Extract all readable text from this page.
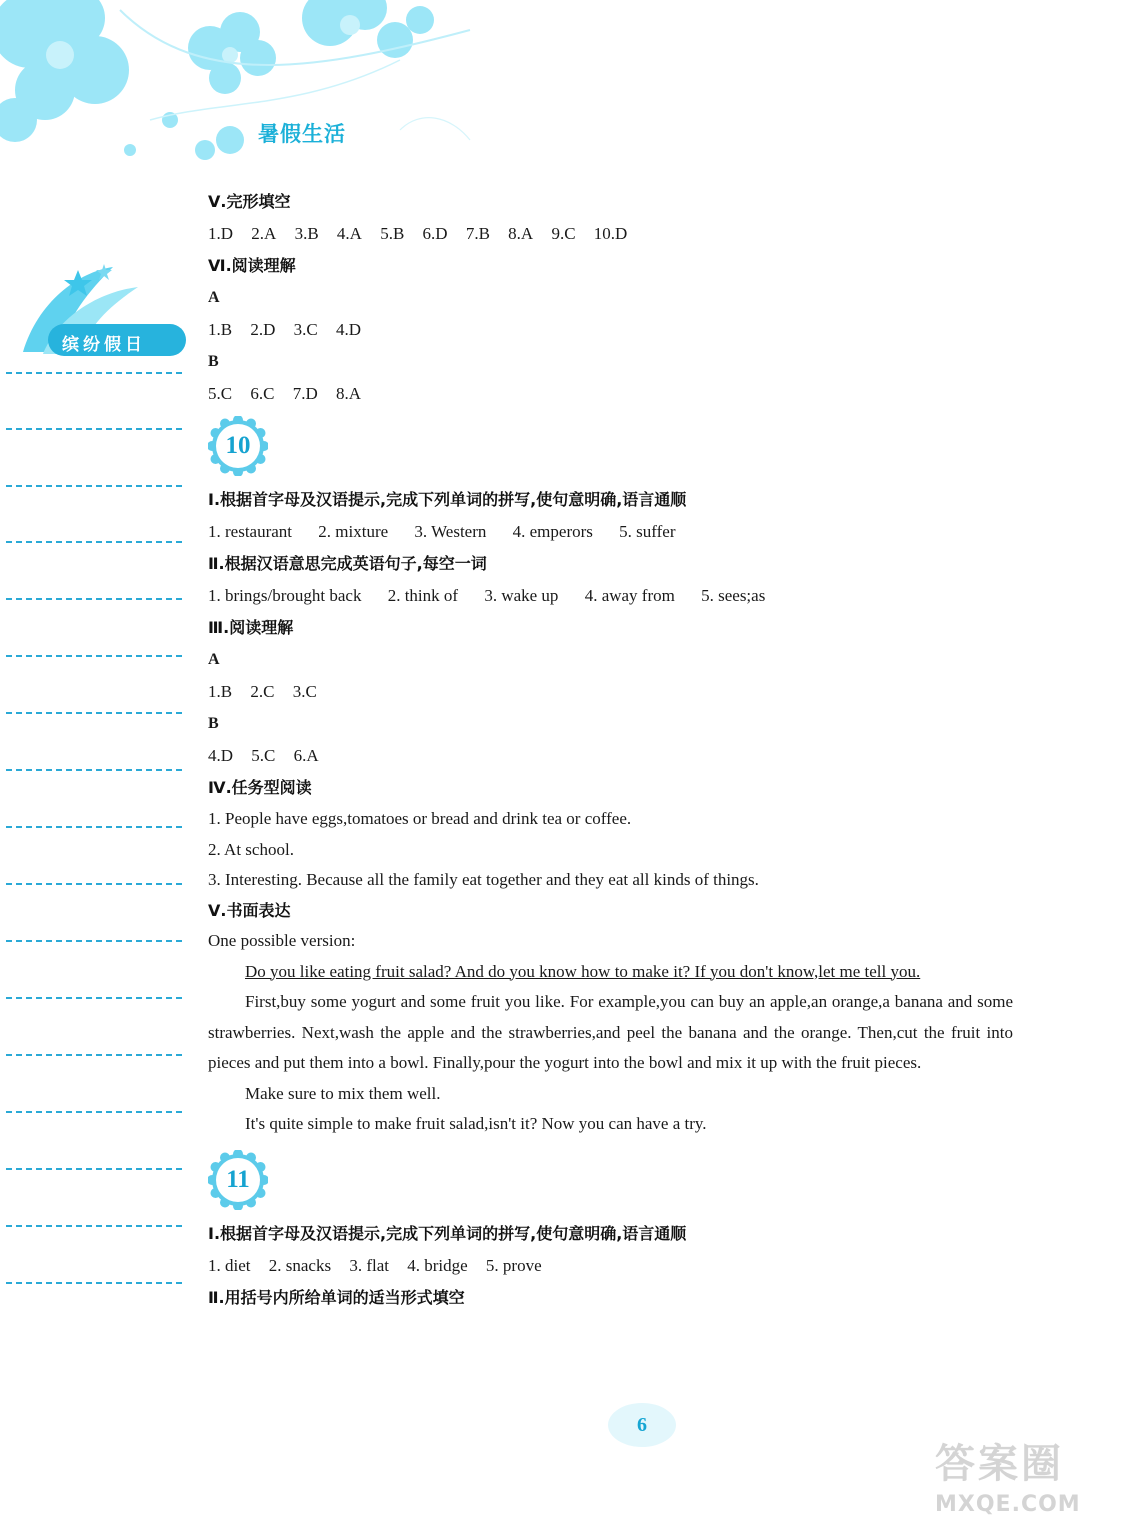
暑假生活
缤纷假日
Ⅴ.完形填空
1.D 2.A 3.B 4.A 5.B 6.D 7.B 8.A 9.C 10.D
Ⅵ.阅读理解
A
1.B 2.D 3.C 4.D
B
5.C 6.C 7.D 8.A
10
Ⅰ.根据首字母及汉语提示,完成下列单词的拼写,使句意明确,语言通顺
1. restaurant 2. mixture 3. Western 4. emperors 5. suffer
Ⅱ.根据汉语意思完成英语句子,每空一词
1. brings/brought back 2. think of 3. wake up 4. away from 5. sees;as
Ⅲ.阅读理解
A
1.B 2.C 3.C
B
4.D 5.C 6.A
Ⅳ.任务型阅读
1. People have eggs,tomatoes or bread and drink tea or coffee.
2. At school.
3. Interesting. Because all the family eat together and they eat all kinds of things.
Ⅴ.书面表达
One possible version:
Do you like eating fruit salad? And do you know how to make it? If you don't know,let me tell you.
First,buy some yogurt and some fruit you like. For example,you can buy an apple,an orange,a banana and some strawberries. Next,wash the apple and the strawberries,and peel the banana and the orange. Then,cut the fruit into pieces and put them into a bowl. Finally,pour the yogurt into the bowl and mix it up with the fruit pieces.
Make sure to mix them well.
It's quite simple to make fruit salad,isn't it? Now you can have a try.
11
Ⅰ.根据首字母及汉语提示,完成下列单词的拼写,使句意明确,语言通顺
1. diet 2. snacks 3. flat 4. bridge 5. prove
Ⅱ.用括号内所给单词的适当形式填空
6
答案圈
MXQE.COM
